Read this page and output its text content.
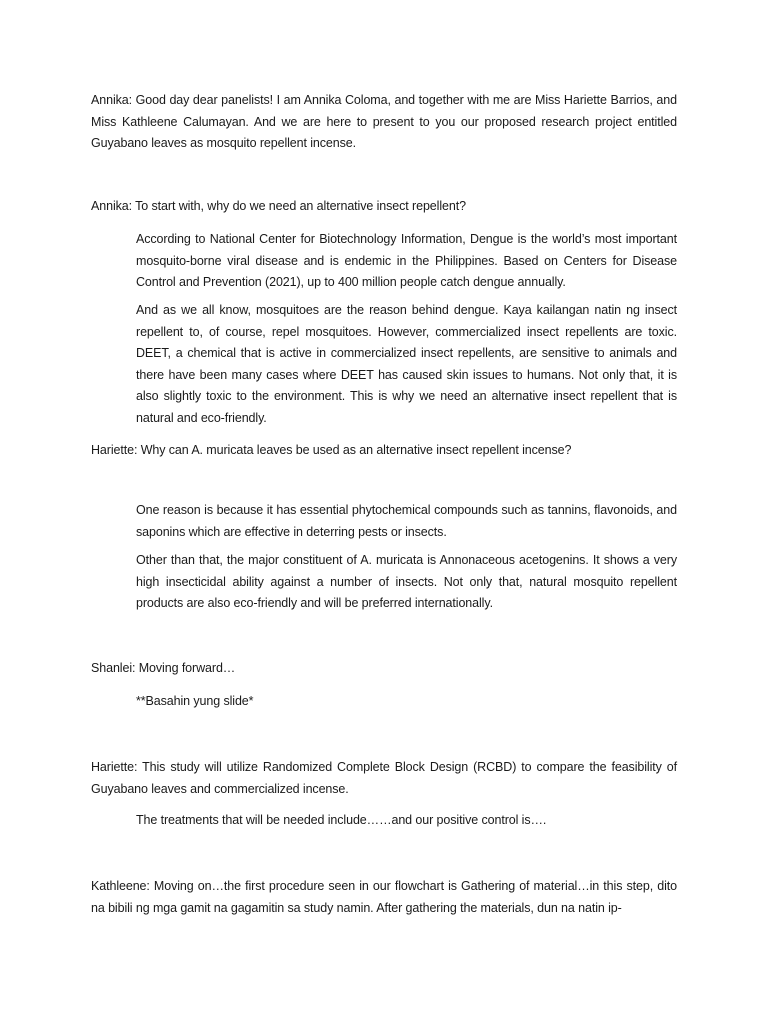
Annika: Good day dear panelists! I am Annika Coloma, and together with me are Miss Hariette Barrios, and Miss Kathleene Calumayan. And we are here to present to you our proposed research project entitled Guyabano leaves as mosquito repellent incense.

Annika: To start with, why do we need an alternative insect repellent?

According to National Center for Biotechnology Information, Dengue is the world’s most important mosquito-borne viral disease and is endemic in the Philippines. Based on Centers for Disease Control and Prevention (2021), up to 400 million people catch dengue annually.

And as we all know, mosquitoes are the reason behind dengue. Kaya kailangan natin ng insect repellent to, of course, repel mosquitoes. However, commercialized insect repellents are toxic. DEET, a chemical that is active in commercialized insect repellents, are sensitive to animals and there have been many cases where DEET has caused skin issues to humans. Not only that, it is also slightly toxic to the environment. This is why we need an alternative insect repellent that is natural and eco-friendly.

Hariette: Why can A. muricata leaves be used as an alternative insect repellent incense?

One reason is because it has essential phytochemical compounds such as tannins, flavonoids, and saponins which are effective in deterring pests or insects.

Other than that, the major constituent of A. muricata is Annonaceous acetogenins. It shows a very high insecticidal ability against a number of insects. Not only that, natural mosquito repellent products are also eco-friendly and will be preferred internationally.

Shanlei: Moving forward…

**Basahin yung slide*

Hariette: This study will utilize Randomized Complete Block Design (RCBD) to compare the feasibility of Guyabano leaves and commercialized incense.

The treatments that will be needed include……and our positive control is….

Kathleene: Moving on…the first procedure seen in our flowchart is Gathering of material…in this step, dito na bibili ng mga gamit na gagamitin sa study namin. After gathering the materials, dun na natin ip-
